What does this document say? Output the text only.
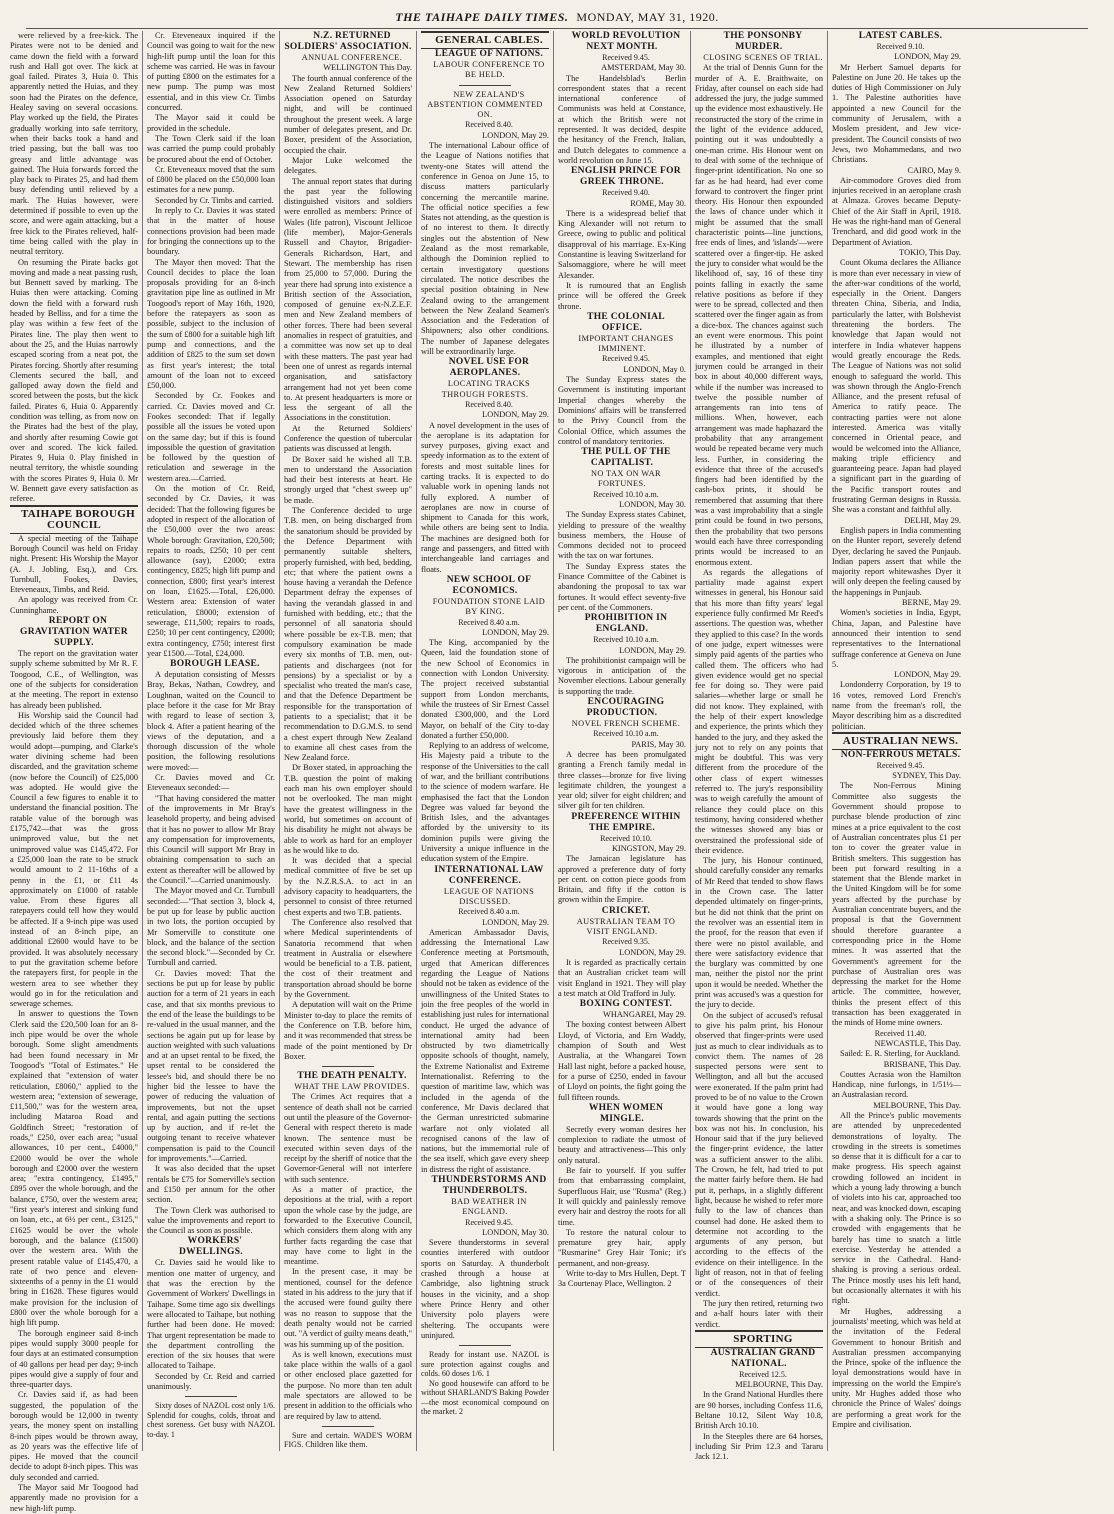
THE TAIHAPE DAILY TIMES. MONDAY, MAY 31, 1920.

were relieved by a free-kick. The Pirates were not to be denied and came down the field with a forward rush and Hall got over. The kick at goal failed. Pirates 3, Huia 0. This apparently netted the Huias, and they soon had the Pirates on the defence, Healey saving on several occasions. Play worked up the field, the Pirates gradually working into safe territory, when their backs took a hand and tried passing, but the ball was too greasy and little advantage was gained. The Huia forwards forced the play back to Pirates 25, and had them busy defending until relieved by a mark. The Huias however, were determined if possible to even up the score, and were again attacking, but a free kick to the Pirates relieved, half-time being called with the play in neutral territory.

On resuming the Pirate backs got moving and made a neat passing rush, but Bennett saved by marking. The Huias then were attacking. Coming down the field with a forward rush headed by Belliss, and for a time the play was within a few feet of the Pirates line. The play then went to about the 25, and the Huias narrowly escaped scoring from a neat pot, the Pirates forcing. Shortly after resuming Clements secured the ball, and galloped away down the field and scored between the posts, but the kick failed. Pirates 6, Huia 0. Apparently condition was telling, as from now on the Pirates had the best of the play, and shortly after resuming Cowie got over and scored. The kick failed. Pirates 9, Huia 0. Play finished in neutral territory, the whistle sounding with the scores Pirates 9, Huia 0. Mr W. Bennett gave every satisfaction as referee.

TAIHAPE BOROUGH COUNCIL

A special meeting of the Taihape Borough Council was held on Friday night. Present: His Worship the Mayor (A. J. Jobling, Esq.), and Crs. Turnbull, Fookes, Davies, Eteveneaux, Timbs, and Reid.

An apology was received from Cr. Cunninghame.

REPORT ON GRAVITATION WATER SUPPLY.

The report on the gravitation water supply scheme submitted by Mr R. F. Toogood, C.E., of Wellington, was one of the subjects for consideration at the meeting. The report in extenso has already been published.

His Worship said the Council had decided which of the three schemes previously laid before them they would adopt—pumping, and Clarke's water divining scheme had been discarded, and the gravitation scheme (now before the Council) of £25,000 was adopted. He would give the Council a few figures to enable it to understand the financial position. The ratable value of the borough was £175,742—that was the gross unimproved value, but the net unimproved value was £145,472. For a £25,000 loan the rate to be struck would amount to 2 11-16ths of a penny in the £1, or £11 4s approximately on £1000 of ratable value. From these figures all ratepayers could tell how they would be affected. If a 9-inch pipe was used instead of an 8-inch pipe, an additional £2600 would have to be provided. It was absolutely necessary to put the gravitation scheme before the ratepayers first, for people in the western area to see whether they would go in for the reticulation and sewerage schemes.

In answer to questions the Town Clerk said the £20,500 loan for an 8-inch pipe would be over the whole borough. Some slight amendments had been found necessary in Mr Toogood's "Total of Estimates." He explained that "extension of water reticulation, £8060," applied to the western area; "extension of sewerage, £11,500," was for the western area, including Mataroa Road and Goldfinch Street; "restoration of roads," £250, over each area; "usual allowances, 10 per cent., £4000," £2000 would be over the whole borough and £2000 over the western area; "extra contingency, £1495," £895 over the whole borough, and the balance, £750, over the western area; "first year's interest and sinking fund on loan, etc., at 6½ per cent., £3125," £1625 would be over the whole borough, and the balance (£1500) over the western area. With the present ratable value of £145,470, a rate of two pence and eleven-sixteenths of a penny in the £1 would bring in £1628. These figures would make provision for the inclusion of £800 over the whole borough for a high lift pump.

The borough engineer said 8-inch pipes would supply 3000 people for four days at an estimated consumption of 40 gallons per head per day; 9-inch pipes would give a supply of four and three-quarter days.

Cr. Davies said if, as had been suggested, the population of the borough would be 12,000 in twenty years, the money spent on installing 8-inch pipes would be thrown away, as 20 years was the effective life of pipes. He moved that the council decide to adopt 8-inch pipes. This was duly seconded and carried.

The Mayor said Mr Toogood had apparently made no provision for a new high-lift pump.

Cr. Eteveneaux inquired if the Council was going to wait for the new high-lift pump until the loan for this scheme was carried. He was in favour of putting £800 on the estimates for a new pump. The pump was most essential, and in this view Cr. Timbs concurred.

The Mayor said it could be provided in the schedule.

The Town Clerk said if the loan was carried the pump could probably be procured about the end of October.

Cr. Eteveneaux moved that the sum of £800 be placed on the £50,000 loan estimates for a new pump.

Seconded by Cr. Timbs and carried.

In reply to Cr. Davies it was stated that in the matter of house connections provision had been made for bringing the connections up to the boundary.

The Mayor then moved: That the Council decides to place the loan proposals providing for an 8-inch gravitation pipe line as outlined in Mr Toogood's report of May 16th, 1920, before the ratepayers as soon as possible, subject to the inclusion of the sum of £800 for a suitable high lift pump and connections, and the addition of £825 to the sum set down as first year's interest; the total amount of the loan not to exceed £50,000.

Seconded by Cr. Fookes and carried. Cr. Davies moved and Cr. Fookes seconded: That if legally possible all the issues be voted upon on the same day; but if this is found impossible the question of gravitation be followed by the question of reticulation and sewerage in the western area.—Carried.

On the motion of Cr. Reid, seconded by Cr. Davies, it was decided: That the following figures be adopted in respect of the allocation of the £50,000 over the two areas: Whole borough: Gravitation, £20,500; repairs to roads, £250; 10 per cent allowance (say), £2000; extra contingency, £825; high lift pump and connection, £800; first year's interest on loan, £1625.—Total, £26,000. Western area: Extension of water reticulation, £8000; extension of sewerage, £11,500; repairs to roads, £250; 10 per cent contingency, £2000; extra contingency, £750; interest first year £1500.—Total, £24,000.

BOROUGH LEASE.

A deputation consisting of Messrs Bray, Bekas, Nathan, Cowdrey, and Loughnan, waited on the Council to place before it the case for Mr Bray with regard to lease of section 3, block 4. After a patient hearing of the views of the deputation, and a thorough discussion of the whole position, the following resolutions were moved:—

Cr. Davies moved and Cr. Eteveneaux seconded:—

"That having considered the matter of the improvements in Mr Bray's leasehold property, and being advised that it has no power to allow Mr Bray any compensation for improvements, this Council will support Mr Bray in obtaining compensation to such an extent as thereafter will be allowed by the Council."—Carried unanimously.

The Mayor moved and Cr. Turnbull seconded:—"That section 3, block 4, be put up for lease by public auction in two lots, the portion occupied by Mr Somerville to constitute one block, and the balance of the section the second block."—Seconded by Cr. Turnbull and carried.

Cr. Davies moved: That the sections be put up for lease by public auction for a term of 21 years in each case, and that six months previous to the end of the lease the buildings to be re-valued in the usual manner, and the sections be again put up for lease by auction weighted with such valuations and at an upset rental to be fixed, the upset rental to be considered the lessee's bid, and should there be no higher bid the lessee to have the power of reducing the valuation of improvements, but not the upset rental, and again putting the sections up by auction, and if re-let the outgoing tenant to receive whatever compensation is paid to the Council for improvements."—Carried.

It was also decided that the upset rentals be £75 for Somerville's section and £150 per annum for the other section.

The Town Clerk was authorised to value the improvements and report to the Council as soon as possible.

WORKERS' DWELLINGS.

Cr. Davies said he would like to mention one matter of urgency, and that was the erection by the Government of Workers' Dwellings in Taihape. Some time ago six dwellings were allocated to Taihape, but nothing further had been done. He moved: That urgent representation be made to the department controlling the erection of the six houses that were allocated to Taihape.

Seconded by Cr. Reid and carried unanimously.

Sixty doses of NAZOL cost only 1/6. Splendid for coughs, colds, throat and chest soreness. Get busy with NAZOL to-day. 1

N.Z. RETURNED SOLDIERS' ASSOCIATION.

ANNUAL CONFERENCE.

WELLINGTON This Day.

The fourth annual conference of the New Zealand Returned Soldiers' Association opened on Saturday night, and will be continued throughout the present week. A large number of delegates present, and Dr. Boxer, president of the Association, occupied the chair.

Major Luke welcomed the delegates.

The annual report states that during the past year the following distinguished visitors and soldiers were enrolled as members: Prince of Wales (life patron), Viscount Jellicoe (life member), Major-Generals Russell and Chaytor, Brigadier-Generals Richardson, Hart, and Stewart. The membership has risen from 25,000 to 57,000. During the year there had sprung into existence a British section of the Association, composed of genuine ex-N.Z.E.F. men and New Zealand members of other forces. There had been several anomalies in respect of gratuities, and a committee was now set up to deal with these matters. The past year had been one of unrest as regards internal organisation, and satisfactory arrangement had not yet been come to. At present headquarters is more or less the sergeant of all the Associations in the constitution.

At the Returned Soldiers' Conference the question of tubercular patients was discussed at length.

Dr Boxer said he wished all T.B. men to understand the Association had their best interests at heart. He strongly urged that "chest sweep up" be made.

The Conference decided to urge T.B. men, on being discharged from the sanatorium should be provided by the Defence Department with permanently suitable shelters, properly furnished, with bed, bedding, etc; that where the patient owns a house having a verandah the Defence Department defray the expenses of having the verandah glassed in and furnished with bedding, etc.; that the personnel of all sanatoria should where possible be ex-T.B. men; that compulsory examination be made every six months of T.B. men, out-patients and dischargees (not for pensions) by a specialist or by a specialist who treated the man's case, and that the Defence Department be responsible for the transportation of patients to a specialist; that it be recommendation to D.G.M.S. to send a chest expert through New Zealand to examine all chest cases from the New Zealand force.

Dr Boxer stated, in approaching the T.B. question the point of making each man his own employer should not be overlooked. The man might have the greatest willingness in the world, but sometimes on account of his disability he might not always be able to work as hard for an employer as he would like to do.

It was decided that a special medical committee of five be set up by the N.Z.R.S.A. to act in an advisory capacity to headquarters, the personnel to consist of three returned chest experts and two T.B. patients.

The Conference also resolved that where Medical superintendents of Sanatoria recommend that when treatment in Australia or elsewhere would be beneficial to a T.B. patient, the cost of their treatment and transportation abroad should be borne by the Government.

A deputation will wait on the Prime Minister to-day to place the remits of the Conference on T.B. before him, and it was recommended that stress be made of the point mentioned by Dr Boxer.

THE DEATH PENALTY.

WHAT THE LAW PROVIDES.

The Crimes Act requires that a sentence of death shall not be carried out until the pleasure of the Governor-General with respect thereto is made known. The sentence must be executed within seven days of the receipt by the sheriff of notice that the Governor-General will not interfere with such sentence.

As a matter of practice, the depositions at the trial, with a report upon the whole case by the judge, are forwarded to the Executive Council, which considers them along with any further facts regarding the case that may have come to light in the meantime.

In the present case, it may be mentioned, counsel for the defence stated in his address to the jury that if the accused were found guilty there was no reason to suppose that the death penalty would not be carried out. "A verdict of guilty means death," was his summing up of the position.

As is well known, executions must take place within the walls of a gaol or other enclosed place gazetted for the purpose. No more than ten adult male spectators are allowed to be present in addition to the officials who are required by law to attend.

Sure and certain. WADE'S WORM FIGS. Children like them.

GENERAL CABLES.

LEAGUE OF NATIONS.

LABOUR CONFERENCE TO BE HELD.

NEW ZEALAND'S ABSTENTION COMMENTED ON.

Received 8.40.

LONDON, May 29.

The international Labour office of the League of Nations notifies that twenty-one States will attend the conference in Genoa on June 15, to discuss matters particularly concerning the mercantile marine. The official notice specifies a few States not attending, as the question is of no interest to them. It directly singles out the abstention of New Zealand as the most remarkable, although the Dominion replied to certain investigatory questions circulated. The notice describes the special position obtaining in New Zealand owing to the arrangement between the New Zealand Seamen's Association and the Federation of Shipowners; also other conditions. The number of Japanese delegates will be extraordinarily large.

NOVEL USE FOR AEROPLANES.

LOCATING TRACKS THROUGH FORESTS.

Received 8.40.

LONDON, May 29.

A novel development in the uses of the aeroplane is its adaptation for survey purposes, giving exact and speedy information as to the extent of forests and most suitable lines for carting tracks. It is expected to do valuable work in opening lands not fully explored. A number of aeroplanes are now in course of shipment to Canada for this work, while others are being sent to India. The machines are designed both for range and passengers, and fitted with interchangeable land carriages and floats.

NEW SCHOOL OF ECONOMICS.

FOUNDATION STONE LAID BY KING.

Received 8.40 a.m.

LONDON, May 29.

The King, accompanied by the Queen, laid the foundation stone of the new School of Economics in connection with London University. The project received substantial support from London merchants, while the trustees of Sir Ernest Cassel donated £300,000, and the Lord Mayor, on behalf of the City to-day donated a further £50,000.

Replying to an address of welcome, His Majesty paid a tribute to the response of the Universities to the call of war, and the brilliant contributions to the science of modern warfare. He emphasised the fact that the London Degree was valued far beyond the British Isles, and the advantages afforded by the university to its dominion pupils were giving the University a unique influence in the education system of the Empire.

INTERNATIONAL LAW CONFERENCE.

LEAGUE OF NATIONS DISCUSSED.

Received 8.40 a.m.

LONDON, May 29.

American Ambassador Davis, addressing the International Law Conference meeting at Portsmouth, urged that American differences regarding the League of Nations should not be taken as evidence of the unwillingness of the United States to join the free peoples of the world in establishing just rules for international conduct. He urged the advance of international amity had been obstructed by two diametrically opposite schools of thought, namely, the Extreme Nationalist and Extreme Internationalist. Referring to the question of maritime law, which was included in the agenda of the conference, Mr Davis declared that the German unrestricted submarine warfare not only violated all recognised canons of the law of nations, but the immemorial rule of the sea itself, which gave every sheep in distress the right of assistance.

THUNDERSTORMS AND THUNDERBOLTS.

BAD WEATHER IN ENGLAND.

Received 9.45.

LONDON, May 30.

Severe thunderstorms in several counties interfered with outdoor sports on Saturday. A thunderbolt crashed through a house at Cambridge, also lightning struck houses in the vicinity, and a shop where Prince Henry and other University polo players were sheltering. The occupants were uninjured.

Ready for instant use. NAZOL is sure protection against coughs and colds. 60 doses 1/6. 1

No good housewife can afford to be without SHARLAND'S Baking Powder—the most economical compound on the market. 2

WORLD REVOLUTION NEXT MONTH.

Received 9.45.

AMSTERDAM, May 30.

The Handelsblad's Berlin correspondent states that a recent international conference of Communists was held at Constance, at which the British were not represented. It was decided, despite the hesitancy of the French, Italian, and Dutch delegates to commence a world revolution on June 15.

ENGLISH PRINCE FOR GREEK THRONE.

Received 9.40.

ROME, May 30.

There is a widespread belief that King Alexander will not return to Greece, owing to public and political disapproval of his marriage. Ex-King Constantine is leaving Switzerland for Salsomaggiore, where he will meet Alexander.

It is rumoured that an English prince will be offered the Greek throne.

THE COLONIAL OFFICE.

IMPORTANT CHANGES IMMINENT.

Received 9.45.

LONDON, May 0.

The Sunday Express states the Government is instituting important Imperial changes whereby the Dominions' affairs will be transferred to the Privy Council from the Colonial Office, which assumes the control of mandatory territories.

THE PULL OF THE CAPITALIST.

NO TAX ON WAR FORTUNES.

Received 10.10 a.m.

LONDON, May 30.

The Sunday Express states Cabinet, yielding to pressure of the wealthy business members, the House of Commons decided not to proceed with the tax on war fortunes.

The Sunday Express states the Finance Committee of the Cabinet is abandoning the proposal to tax war fortunes. It would effect seventy-five per cent. of the Commoners.

PROHIBITION IN ENGLAND.

Received 10.10 a.m.

LONDON, May 29.

The prohibitionist campaign will be vigorous in anticipation of the November elections. Labour generally is supporting the trade.

ENCOURAGING PRODUCTION.

NOVEL FRENCH SCHEME.

Received 10.10 a.m.

PARIS, May 30.

A decree has been promulgated granting a French family medal in three classes—bronze for five living legitimate children, the youngest a year old; silver for eight children; and silver gilt for ten children.

PREFERENCE WITHIN THE EMPIRE.

Received 10.10.

KINGSTON, May 29.

The Jamaican legislature has approved a preference duty of forty per cent. on cotton piece goods from Britain, and fifty if the cotton is grown within the Empire.

CRICKET.

AUSTRALIAN TEAM TO VISIT ENGLAND.

Received 9.35.

LONDON, May 29.

It is regarded as practically certain that an Australian cricket team will visit England in 1921. They will play a test match at Old Trafford in July.

BOXING CONTEST.

WHANGAREI, May 29.

The boxing contest between Albert Lloyd, of Victoria, and Ern Waddy, champion of South and West Australia, at the Whangarei Town Hall last night, before a packed house, for a purse of £250, ended in favour of Lloyd on points, the fight going the full fifteen rounds.

WHEN WOMEN MINGLE.

Secretly every woman desires her complexion to radiate the utmost of beauty and attractiveness—This only only natural.

Be fair to yourself. If you suffer from that embarrassing complaint, Superfluous Hair, use "Rusma" (Reg.) It will quickly and painlessly remove every hair and destroy the roots for all time.

To restore the natural colour to premature grey hair, apply "Rusmarine" Grey Hair Tonic; it's permanent, and non-greasy.

Write to-day to Mrs Hullen, Dept. T 3a Courtenay Place, Wellington. 2

THE PONSONBY MURDER.

CLOSING SCENES OF TRIAL.

At the trial of Dennis Gunn for the murder of A. E. Braithwaite, on Friday, after counsel on each side had addressed the jury, the judge summed up the evidence most exhaustively. He reconstructed the story of the crime in the light of the evidence adduced, pointing out it was undoubtedly a one-man crime. His Honour went on to deal with some of the technique of finger-print identification. No one so far as he had heard, had ever come forward to controvert the finger print theory. His Honour then expounded the laws of chance under which it might be assumed that the small characteristic points—line junctions, free ends of lines, and 'islands'—were scattered over a finger-tip. He asked the jury to consider what would be the likelihood of, say, 16 of these tiny points falling in exactly the same relative positions as before if they were to be spread, collected and then scattered over the finger again as from a dice-box. The chances against such an event were enormous. This point he illustrated by a number of examples, and mentioned that eight jurymen could be arranged in their box in about 40,000 different ways, while if the number was increased to twelve the possible number of arrangements ran into tens of millions. When, however, each arrangement was made haphazard the probability that any arrangement would be repeated became very much less. Further, in considering the evidence that three of the accused's fingers had been identified by the cash-box prints, it should be remembered that assuming that there was a vast improbability that a single print could be found in two persons, then the probability that two persons would each have three corresponding prints would be increased to an enormous extent.

As regards the allegations of partiality made against expert witnesses in general, his Honour said that his more than fifty years' legal experience fully confirmed Mr Reed's assertions. The question was, whether they applied to this case? In the words of one judge, expert witnesses were simply paid agents of the parties who called them. The officers who had given evidence would get no special fee for doing so. They were paid salaries—whether large or small he did not know. They explained, with the help of their expert knowledge and experience, the prints which they handed to the jury, and they asked the jury not to rely on any points that might be doubtful. This was very different from the procedure of the other class of expert witnesses referred to. The jury's responsibility was to weigh carefully the amount of reliance they could place on this testimony, having considered whether the witnesses showed any bias or overstrained the professional side of their evidence.

The jury, his Honour continued, should carefully consider any remarks of Mr Reed that tended to show flaws in the Crown case. The latter depended ultimately on finger-prints, but he did not think that the print on the revolver was an essential item in the proof, for the reason that even if there were no pistol available, and there were satisfactory evidence that the burglary was committed by one man, neither the pistol nor the print upon it would be needed. Whether the print was accused's was a question for the jury to decide.

On the subject of accused's refusal to give his palm print, his Honour observed that finger-prints were used just as much to clear individuals as to convict them. The names of 28 suspected persons were sent to Wellington, and all but the accused were exonerated. If the palm print had proved to be of no value to the Crown it would have gone a long way towards showing that the print on the box was not his. In conclusion, his Honour said that if the jury believed the finger-print evidence, the latter was a sufficient answer to the alibi. The Crown, he felt, had tried to put the matter fairly before them. He had put it, perhaps, in a slightly different light, because he wished to refer more fully to the law of chances than counsel had done. He asked them to determine not according to the arguments of any person, but according to the effects of the evidence on their intelligence. In the light of reason, not in that of feeling or of the consequences of their verdict.

The jury then retired, returning two and a-half hours later with their verdict.

SPORTING

AUSTRALIAN GRAND NATIONAL.

Received 12.5.

MELBOURNE, This Day.

In the Grand National Hurdles there are 90 horses, including Confess 11.6, Beltane 10.12, Silent Way 10.8, British Arch 10.10.

In the Steeples there are 64 horses, including Sir Prim 12.3 and Tararu Jack 12.1.

LATEST CABLES.

Received 9.10.

LONDON, May 29.

Mr Herbert Samuel departs for Palestine on June 20. He takes up the duties of High Commissioner on July 1. The Palestine authorities have appointed a new Council for the community of Jerusalem, with a Moslem president, and Jew vice-president. The Council consists of two Jews, two Mohammedans, and two Christians.

CAIRO, May 9.

Air-commodore Groves died from injuries received in an aeroplane crash at Almaza. Groves became Deputy-Chief of the Air Staff in April, 1918. He was the right-hand man of General Trenchard, and did good work in the Department of Aviation.

TOKIO, This Day.

Count Okuma declares the Alliance is more than ever necessary in view of the after-war conditions of the world, especially in the Orient. Dangers threaten China, Siberia, and India, particularly the latter, with Bolshevist threatening the borders. The knowledge that Japan would not interfere in India whatever happens would greatly encourage the Reds. The League of Nations was not solid enough to safeguard the world. This was shown through the Anglo-French Alliance, and the present refusal of America to ratify peace. The contracting parties were not alone interested. America was vitally concerned in Oriental peace, and would be welcomed into the Alliance, making triple efficiency and guaranteeing peace. Japan had played a significant part in the guarding of the Pacific transport routes and frustrating German designs in Russia. She was a constant and faithful ally.

DELHI, May 29.

English papers in India commenting on the Hunter report, severely defend Dyer, declaring he saved the Punjaub. Indian papers assert that while the majority report whitewashes Dyer it will only deepen the feeling caused by the happenings in Punjaub.

BERNE, May 29.

Women's societies in India, Egypt, China, Japan, and Palestine have announced their intention to send representatives to the International suffrage conference at Geneva on June 5.

LONDON, May 29.

Londonderry Corporation, by 19 to 16 votes, removed Lord French's name from the freeman's roll, the Mayor describing him as a discredited politician.

AUSTRALIAN NEWS.

NON-FERROUS METALS.

Received 9.45.

SYDNEY, This Day.

The Non-Ferrous Mining Committee also suggests the Government should propose to purchase blende production of zinc mines at a price equivalent to the cost of Australian concentrates plus £1 per ton to cover the greater value in British smelters. This suggestion has been put forward resulting in a statement that the Blende market in the United Kingdom will be for some years affected by the purchase by Australian concentrate buyers, and the proposal is that the Government should therefore guarantee a corresponding price in the Home mines. It was asserted that the Government's agreement for the purchase of Australian ores was depressing the market for the Home article. The committee, however, thinks the present effect of this transaction has been exaggerated in the minds of Home mine owners.

Received 11.40.

NEWCASTLE, This Day.

Sailed: E. R. Sterling, for Auckland.

BRISBANE, This Day.

Couttes Acrasia won the Hamilton Handicap, nine furlongs, in 1/51½—an Australasian record.

MELBOURNE, This Day.

All the Prince's public movements are attended by unprecedented demonstrations of loyalty. The crowding in the streets is sometimes so dense that it is difficult for a car to make progress. His speech against crowding followed an incident in which a young lady throwing a bunch of violets into his car, approached too near, and was knocked down, escaping with a shaking only. The Prince is so crowded with engagements that he barely has time to snatch a little exercise. Yesterday he attended a service in the Cathedral. Hand-shaking is proving a serious ordeal. The Prince mostly uses his left hand, but occasionally alternates it with his right.

Mr Hughes, addressing a journalists' meeting, which was held at the invitation of the Federal Government to honour British and Australian pressmen accompanying the Prince, spoke of the influence the loyal demonstrations would have in impressing on the world the Empire's unity. Mr Hughes added those who chronicle the Prince of Wales' doings are performing a great work for the Empire and civilisation.
